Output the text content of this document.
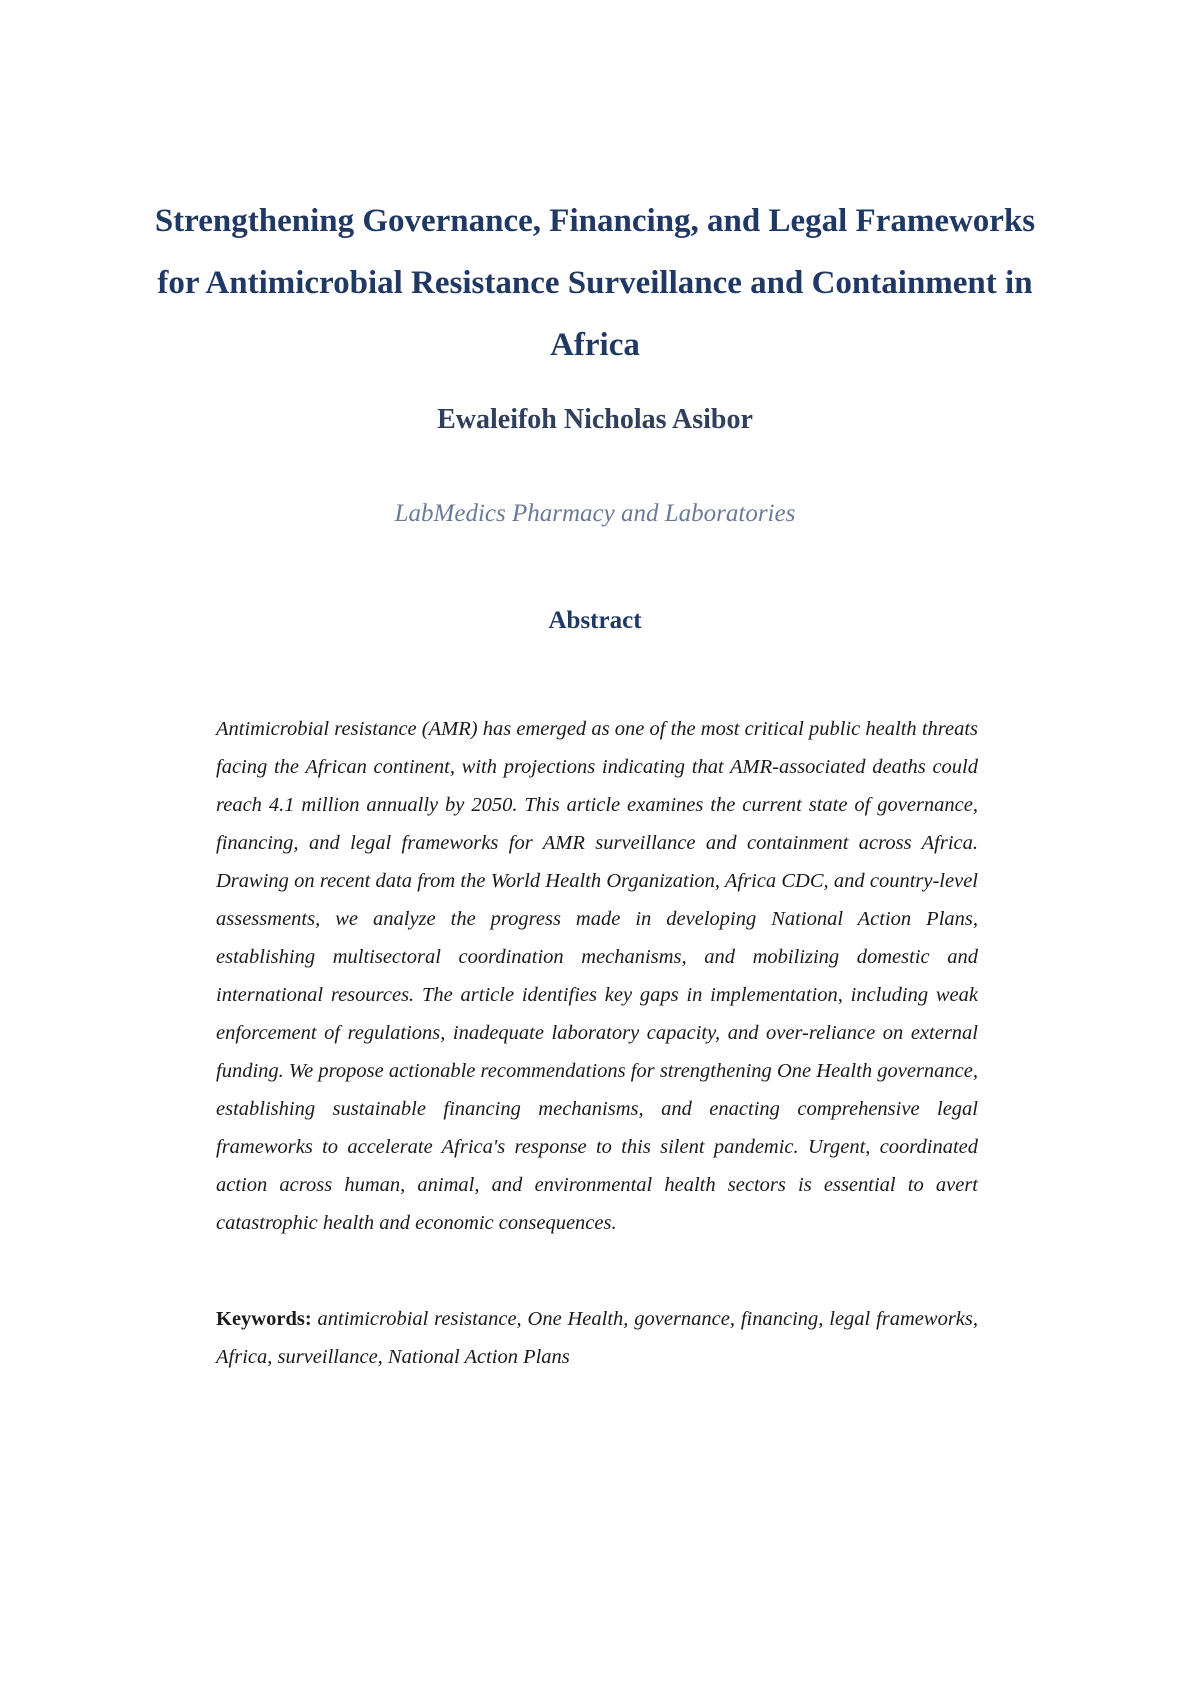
Strengthening Governance, Financing, and Legal Frameworks for Antimicrobial Resistance Surveillance and Containment in Africa
Ewaleifoh Nicholas Asibor
LabMedics Pharmacy and Laboratories
Abstract

Antimicrobial resistance (AMR) has emerged as one of the most critical public health threats facing the African continent, with projections indicating that AMR-associated deaths could reach 4.1 million annually by 2050. This article examines the current state of governance, financing, and legal frameworks for AMR surveillance and containment across Africa. Drawing on recent data from the World Health Organization, Africa CDC, and country-level assessments, we analyze the progress made in developing National Action Plans, establishing multisectoral coordination mechanisms, and mobilizing domestic and international resources. The article identifies key gaps in implementation, including weak enforcement of regulations, inadequate laboratory capacity, and over-reliance on external funding. We propose actionable recommendations for strengthening One Health governance, establishing sustainable financing mechanisms, and enacting comprehensive legal frameworks to accelerate Africa's response to this silent pandemic. Urgent, coordinated action across human, animal, and environmental health sectors is essential to avert catastrophic health and economic consequences.

Keywords: antimicrobial resistance, One Health, governance, financing, legal frameworks, Africa, surveillance, National Action Plans
